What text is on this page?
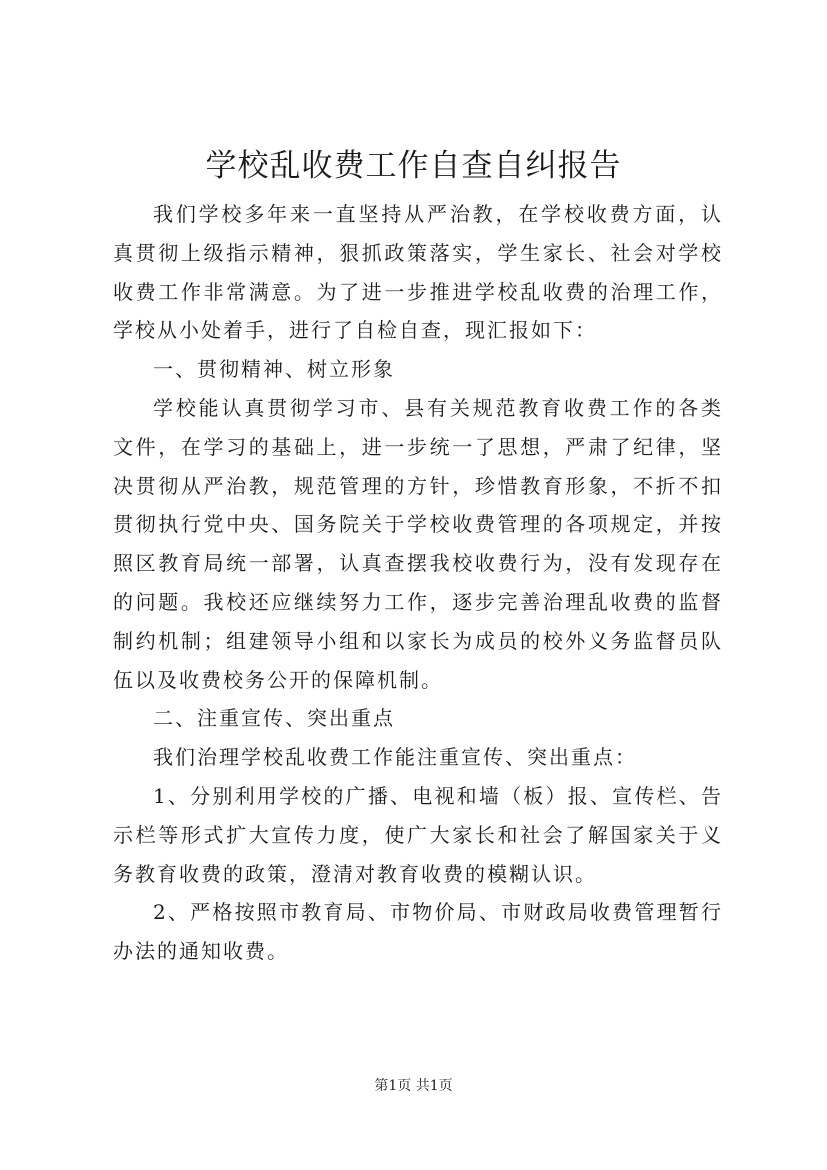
学校乱收费工作自查自纠报告

我们学校多年来一直坚持从严治教，在学校收费方面，认真贯彻上级指示精神，狠抓政策落实，学生家长、社会对学校收费工作非常满意。为了进一步推进学校乱收费的治理工作，学校从小处着手，进行了自检自查，现汇报如下：

一、贯彻精神、树立形象

学校能认真贯彻学习市、县有关规范教育收费工作的各类文件，在学习的基础上，进一步统一了思想，严肃了纪律，坚决贯彻从严治教，规范管理的方针，珍惜教育形象，不折不扣贯彻执行党中央、国务院关于学校收费管理的各项规定，并按照区教育局统一部署，认真查摆我校收费行为，没有发现存在的问题。我校还应继续努力工作，逐步完善治理乱收费的监督制约机制；组建领导小组和以家长为成员的校外义务监督员队伍以及收费校务公开的保障机制。

二、注重宣传、突出重点

我们治理学校乱收费工作能注重宣传、突出重点：

1、分别利用学校的广播、电视和墙（板）报、宣传栏、告示栏等形式扩大宣传力度，使广大家长和社会了解国家关于义务教育收费的政策，澄清对教育收费的模糊认识。

2、严格按照市教育局、市物价局、市财政局收费管理暂行办法的通知收费。

第1页 共1页
